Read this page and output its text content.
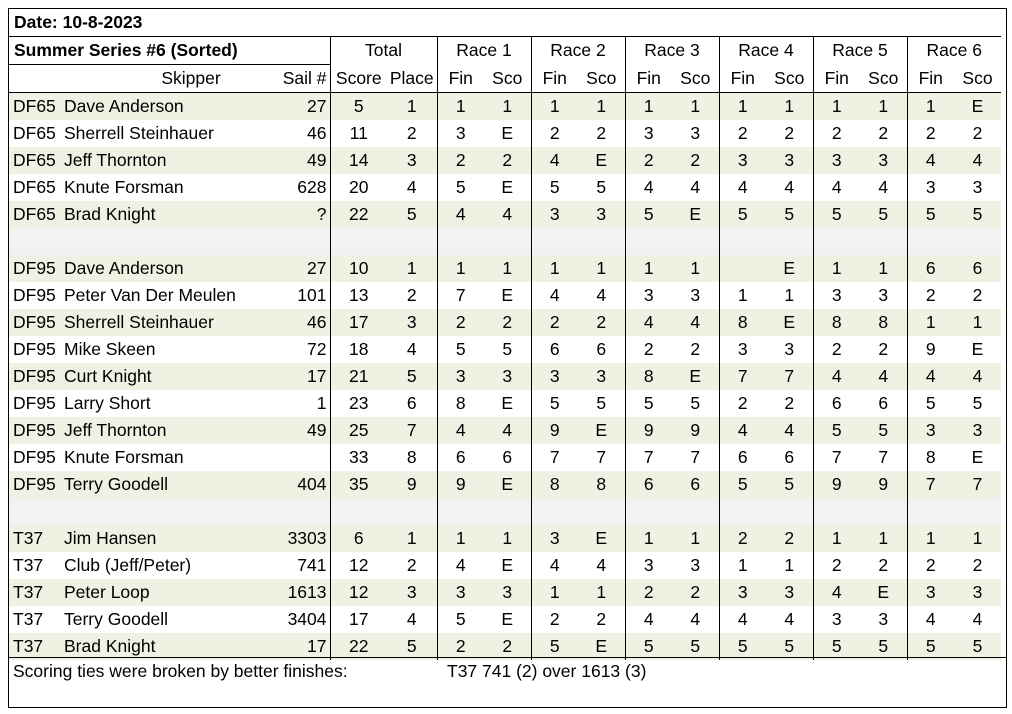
Date: 10-8-2023																
Summer Series #6 (Sorted)			Total		Race 1		Race 2		Race 3		Race 4		Race 5		Race 6	
	Skipper	Sail #	Score	Place	Fin	Sco	Fin	Sco	Fin	Sco	Fin	Sco	Fin	Sco	Fin	Sco
DF65	Dave Anderson	27	5	1	1	1	1	1	1	1	1	1	1	1	1	E
DF65	Sherrell Steinhauer	46	11	2	3	E	2	2	3	3	2	2	2	2	2	2
DF65	Jeff Thornton	49	14	3	2	2	4	E	2	2	3	3	3	3	4	4
DF65	Knute Forsman	628	20	4	5	E	5	5	4	4	4	4	4	4	3	3
DF65	Brad Knight	?	22	5	4	4	3	3	5	E	5	5	5	5	5	5

DF95	Dave Anderson	27	10	1	1	1	1	1	1	1		E	1	1	6	6
DF95	Peter Van Der Meulen	101	13	2	7	E	4	4	3	3	1	1	3	3	2	2
DF95	Sherrell Steinhauer	46	17	3	2	2	2	2	4	4	8	E	8	8	1	1
DF95	Mike Skeen	72	18	4	5	5	6	6	2	2	3	3	2	2	9	E
DF95	Curt Knight	17	21	5	3	3	3	3	8	E	7	7	4	4	4	4
DF95	Larry Short	1	23	6	8	E	5	5	5	5	2	2	6	6	5	5
DF95	Jeff Thornton	49	25	7	4	4	9	E	9	9	4	4	5	5	3	3
DF95	Knute Forsman		33	8	6	6	7	7	7	7	6	6	7	7	8	E
DF95	Terry Goodell	404	35	9	9	E	8	8	6	6	5	5	9	9	7	7

T37	Jim Hansen	3303	6	1	1	1	3	E	1	1	2	2	1	1	1	1
T37	Club (Jeff/Peter)	741	12	2	4	E	4	4	3	3	1	1	2	2	2	2
T37	Peter Loop	1613	12	3	3	3	1	1	2	2	3	3	4	E	3	3
T37	Terry Goodell	3404	17	4	5	E	2	2	4	4	4	4	3	3	4	4
T37	Brad Knight	17	22	5	2	2	5	E	5	5	5	5	5	5	5	5
Scoring ties were broken by better finishes:	T37 741 (2) over 1613 (3)
